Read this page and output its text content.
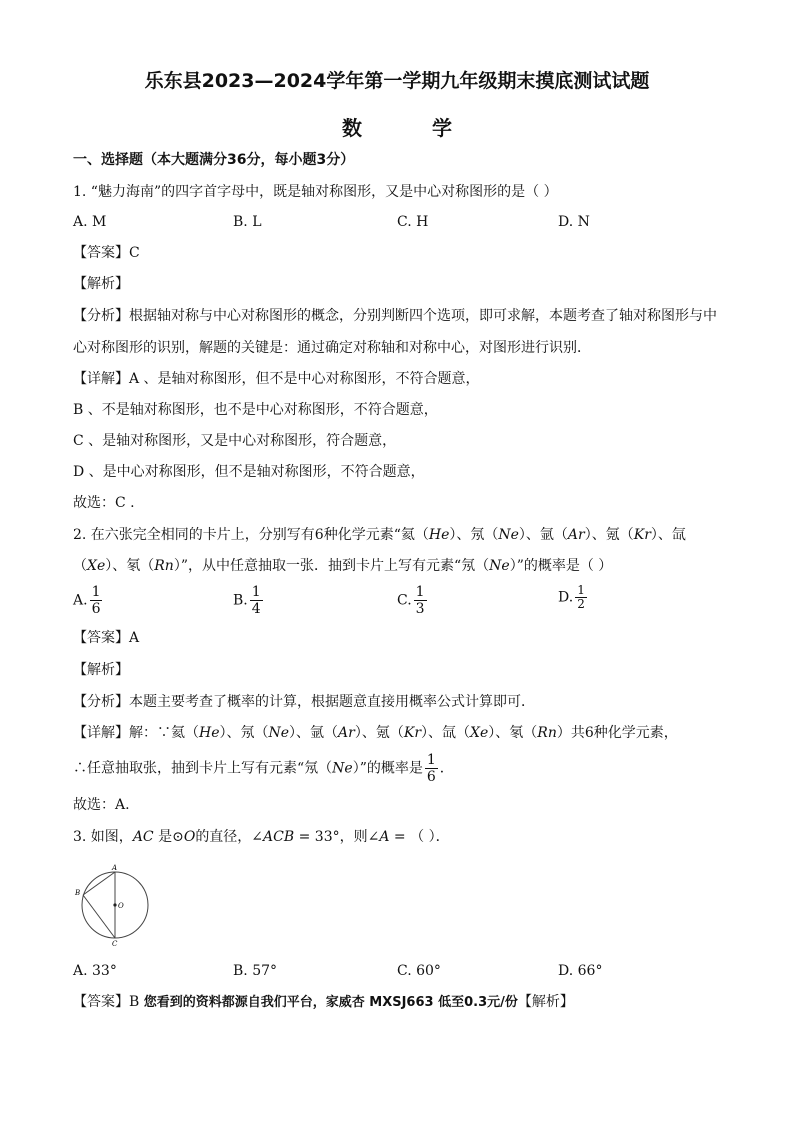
乐东县2023—2024学年第一学期九年级期末摸底测试试题
数学
一、选择题（本大题满分36分，每小题3分）
1. “魅力海南”的四字首字母中，既是轴对称图形，又是中心对称图形的是（ ）
A. M	B. L	C. H	D. N
【答案】C
【解析】
【分析】根据轴对称与中心对称图形的概念，分别判断四个选项，即可求解，本题考查了轴对称图形与中
心对称图形的识别，解题的关键是：通过确定对称轴和对称中心，对图形进行识别．
【详解】A 、是轴对称图形，但不是中心对称图形，不符合题意，
B 、不是轴对称图形，也不是中心对称图形，不符合题意，
C 、是轴对称图形，又是中心对称图形，符合题意，
D 、是中心对称图形，但不是轴对称图形，不符合题意，
故选：C .
2. 在六张完全相同的卡片上，分别写有6种化学元素“氦（He）、氖（Ne）、氩（Ar）、氪（Kr）、氙
（Xe）、氡（Rn）”，从中任意抽取一张．抽到卡片上写有元素“氖（Ne）”的概率是（ ）
A. $\frac{1}{6}$	B. $\frac{1}{4}$	C. $\frac{1}{3}$	D. $\frac{1}{2}$
【答案】A
【解析】
【分析】本题主要考查了概率的计算，根据题意直接用概率公式计算即可．
【详解】解：∵氦（He）、氖（Ne）、氩（Ar）、氪（Kr）、氙（Xe）、氡（Rn）共6种化学元素，
∴任意抽取张，抽到卡片上写有元素“氖（Ne）”的概率是 $\frac{1}{6}$ ．
故选：A.
3. 如图，AC 是⊙O的直径，∠ACB = 33°，则∠A = （ ）．
A
B
O
C
A. 33°	B. 57°	C. 60°	D. 66°
【答案】B 您看到的资料都源自我们平台，家威杏 MXSJ663 低至0.3元/份【解析】
